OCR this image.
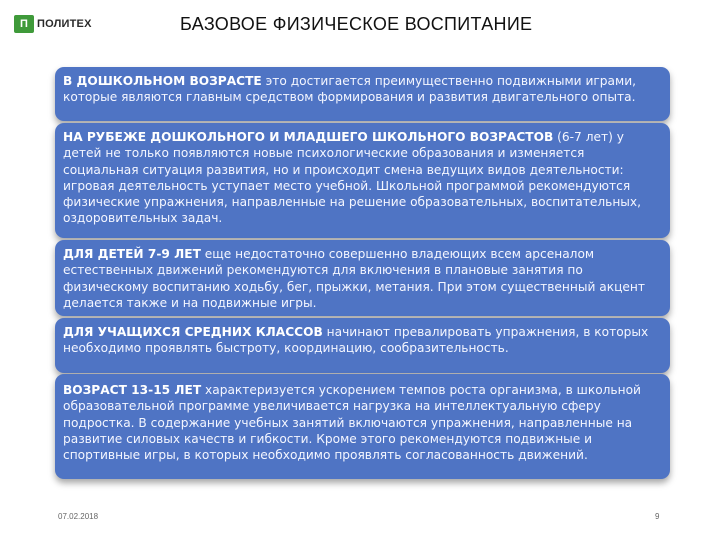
П ПОЛИТЕХ	БАЗОВОЕ ФИЗИЧЕСКОЕ ВОСПИТАНИЕ
В ДОШКОЛЬНОМ ВОЗРАСТЕ это достигается преимущественно подвижными играми, которые являются главным средством формирования и развития двигательного опыта.
НА РУБЕЖЕ ДОШКОЛЬНОГО И МЛАДШЕГО ШКОЛЬНОГО ВОЗРАСТОВ (6-7 лет) у детей не только появляются новые психологические образования и изменяется социальная ситуация развития, но и происходит смена ведущих видов деятельности: игровая деятельность уступает место учебной. Школьной программой рекомендуются физические упражнения, направленные на решение образовательных, воспитательных, оздоровительных задач.
ДЛЯ ДЕТЕЙ 7-9 ЛЕТ еще недостаточно совершенно владеющих всем арсеналом естественных движений рекомендуются для включения в плановые занятия по физическому воспитанию ходьбу, бег, прыжки, метания. При этом существенный акцент делается также и на подвижные игры.
ДЛЯ УЧАЩИХСЯ СРЕДНИХ КЛАССОВ начинают превалировать упражнения, в которых необходимо проявлять быстроту, координацию, сообразительность.
ВОЗРАСТ 13-15 ЛЕТ характеризуется ускорением темпов роста организма, в школьной образовательной программе увеличивается нагрузка на интеллектуальную сферу подростка. В содержание учебных занятий включаются упражнения, направленные на развитие силовых качеств и гибкости. Кроме этого рекомендуются подвижные и спортивные игры, в которых необходимо проявлять согласованность движений.
07.02.2018	9
